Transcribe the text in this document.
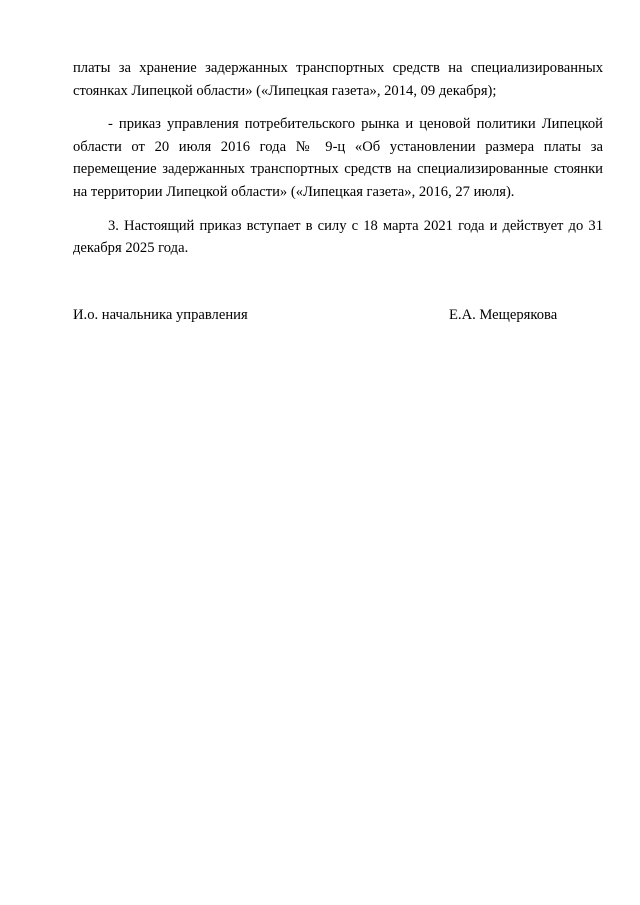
платы за хранение задержанных транспортных средств на специализированных стоянках Липецкой области» («Липецкая газета», 2014, 09 декабря);

- приказ управления потребительского рынка и ценовой политики Липецкой области от 20 июля 2016 года № 9-ц «Об установлении размера платы за перемещение задержанных транспортных средств на специализированные стоянки на территории Липецкой области» («Липецкая газета», 2016, 27 июля).

3. Настоящий приказ вступает в силу с 18 марта 2021 года и действует до 31 декабря 2025 года.

И.о. начальника управления	Е.А. Мещерякова
